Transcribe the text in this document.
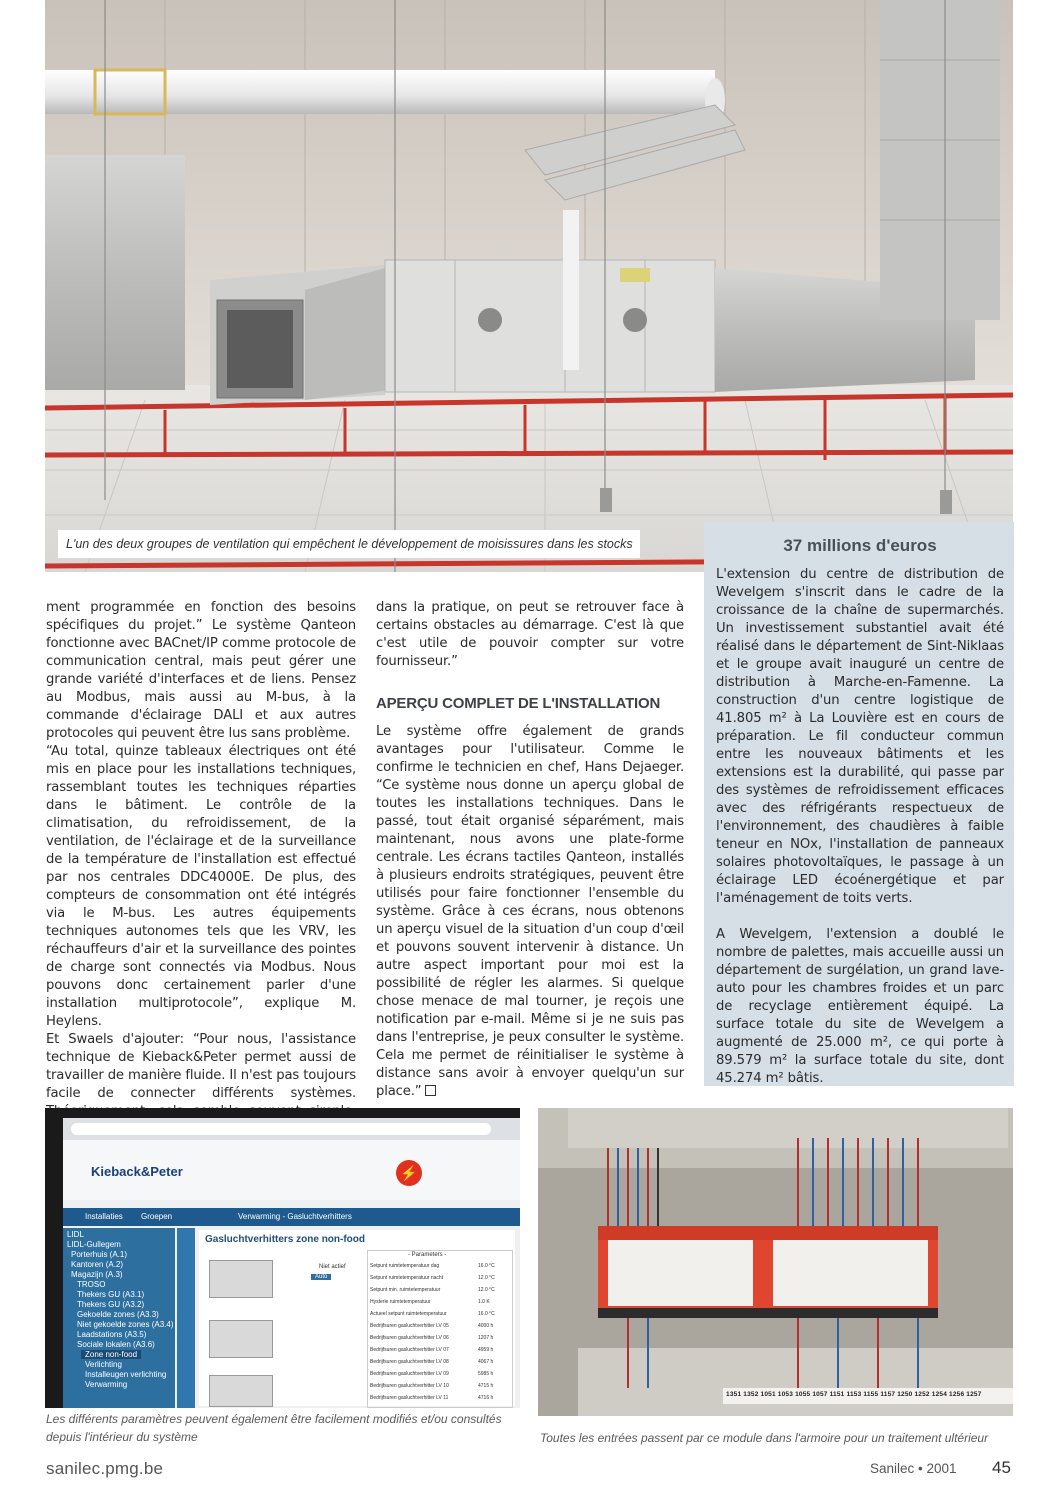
L'un des deux groupes de ventilation qui empêchent le développement de moisissures dans les stocks	37 millions d'euros

L'extension du centre de distribution de Wevelgem s'inscrit dans le cadre de la croissance de la chaîne de supermarchés. Un investissement substantiel avait été réalisé dans le département de Sint-Niklaas et le groupe avait inauguré un centre de distribution à Marche-en-Famenne. La construction d'un centre logistique de 41.805 m² à La Louvière est en cours de préparation. Le fil conducteur commun entre les nouveaux bâtiments et les extensions est la durabilité, qui passe par des systèmes de refroidissement efficaces avec des réfrigérants respectueux de l'environnement, des chaudières à faible teneur en NOx, l'installation de panneaux solaires photovoltaïques, le passage à un éclairage LED écoénergétique et par l'aménagement de toits verts.

A Wevelgem, l'extension a doublé le nombre de palettes, mais accueille aussi un département de surgélation, un grand lave-auto pour les chambres froides et un parc de recyclage entièrement équipé. La surface totale du site de Wevelgem a augmenté de 25.000 m², ce qui porte à 89.579 m² la surface totale du site, dont 45.274 m² bâtis.

ment programmée en fonction des besoins spécifiques du projet.” Le système Qanteon fonctionne avec BACnet/IP comme protocole de communication central, mais peut gérer une grande variété d'interfaces et de liens. Pensez au Modbus, mais aussi au M-bus, à la commande d'éclairage DALI et aux autres protocoles qui peuvent être lus sans problème.

“Au total, quinze tableaux électriques ont été mis en place pour les installations techniques, rassemblant toutes les techniques réparties dans le bâtiment. Le contrôle de la climatisation, du refroidissement, de la ventilation, de l'éclairage et de la surveillance de la température de l'installation est effectué par nos centrales DDC4000E. De plus, des compteurs de consommation ont été intégrés via le M-bus. Les autres équipements techniques autonomes tels que les VRV, les réchauffeurs d'air et la surveillance des pointes de charge sont connectés via Modbus. Nous pouvons donc certainement parler d'une installation multiprotocole”, explique M. Heylens.

Et Swaels d'ajouter: “Pour nous, l'assistance technique de Kieback&Peter permet aussi de travailler de manière fluide. Il n'est pas toujours facile de connecter différents systèmes.

dans la pratique, on peut se retrouver face à certains obstacles au démarrage. C'est là que c'est utile de pouvoir compter sur votre fournisseur.”

APERÇU COMPLET DE L'INSTALLATION

Le système offre également de grands avantages pour l'utilisateur. Comme le confirme le technicien en chef, Hans Dejaeger. “Ce système nous donne un aperçu global de toutes les installations techniques. Dans le passé, tout était organisé séparément, mais maintenant, nous avons une plate-forme centrale. Les écrans tactiles Qanteon, installés à plusieurs endroits stratégiques, peuvent être utilisés pour faire fonctionner l'ensemble du système. Grâce à ces écrans, nous obtenons un aperçu visuel de la situation d'un coup d'œil et pouvons souvent intervenir à distance. Un autre aspect important pour moi est la possibilité de régler les alarmes. Si quelque chose menace de mal tourner, je reçois une notification par e-mail. Même si je ne suis pas dans l'entreprise, je peux consulter le système. Cela me permet de réinitialiser le système à distance sans avoir à envoyer quelqu'un sur place.”

Kieback&Peter	⚡
Installaties Groepen	Verwarming - Gasluchtverhitters
LIDL
LIDL-Gullegem
Porterhuis (A.1)
Kantoren (A.2)
Magazijn (A.3)
TROSO
Thekers GU (A3.1)
Thekers GU (A3.2)
Gekoelde zones (A3.3)
Niet gekoelde zones (A3.4)
Laadstations (A3.5)
Sociale lokalen (A3.6)
Zone non-food
Verlichting
Installeugen verlichting
Verwarming
Gasluchtverhitters zone non-food
Niet actief
Auto
- Parameters -
Setpunt ruimtetemperatuur dag	16.0 °C
Setpunt ruimtetemperatuur nacht	12.0 °C
Setpunt min. ruimtetemperatuur	12.0 °C
Hysterie ruimtetemperatuur	1.0 K
Actueel setpunt ruimtetemperatuur	16.0 °C
Bedrijfsuren gasluchtverhitter LV 05	4000 h
Bedrijfsuren gasluchtverhitter LV 06	1207 h
Bedrijfsuren gasluchtverhitter LV 07	4959 h
Bedrijfsuren gasluchtverhitter LV 08	4067 h
Bedrijfsuren gasluchtverhitter LV 09	5985 h
Bedrijfsuren gasluchtverhitter LV 10	4715 h
Bedrijfsuren gasluchtverhitter LV 11	4716 h
Les différents paramètres peuvent également être facilement modifiés et/ou consultés depuis l'intérieur du système
1351 1352 1051 1053 1055 1057 1151 1153 1155 1157 1250 1252 1254 1256 1257
Toutes les entrées passent par ce module dans l'armoire pour un traitement ultérieur
sanilec.pmg.be	Sanilec • 2001 45
